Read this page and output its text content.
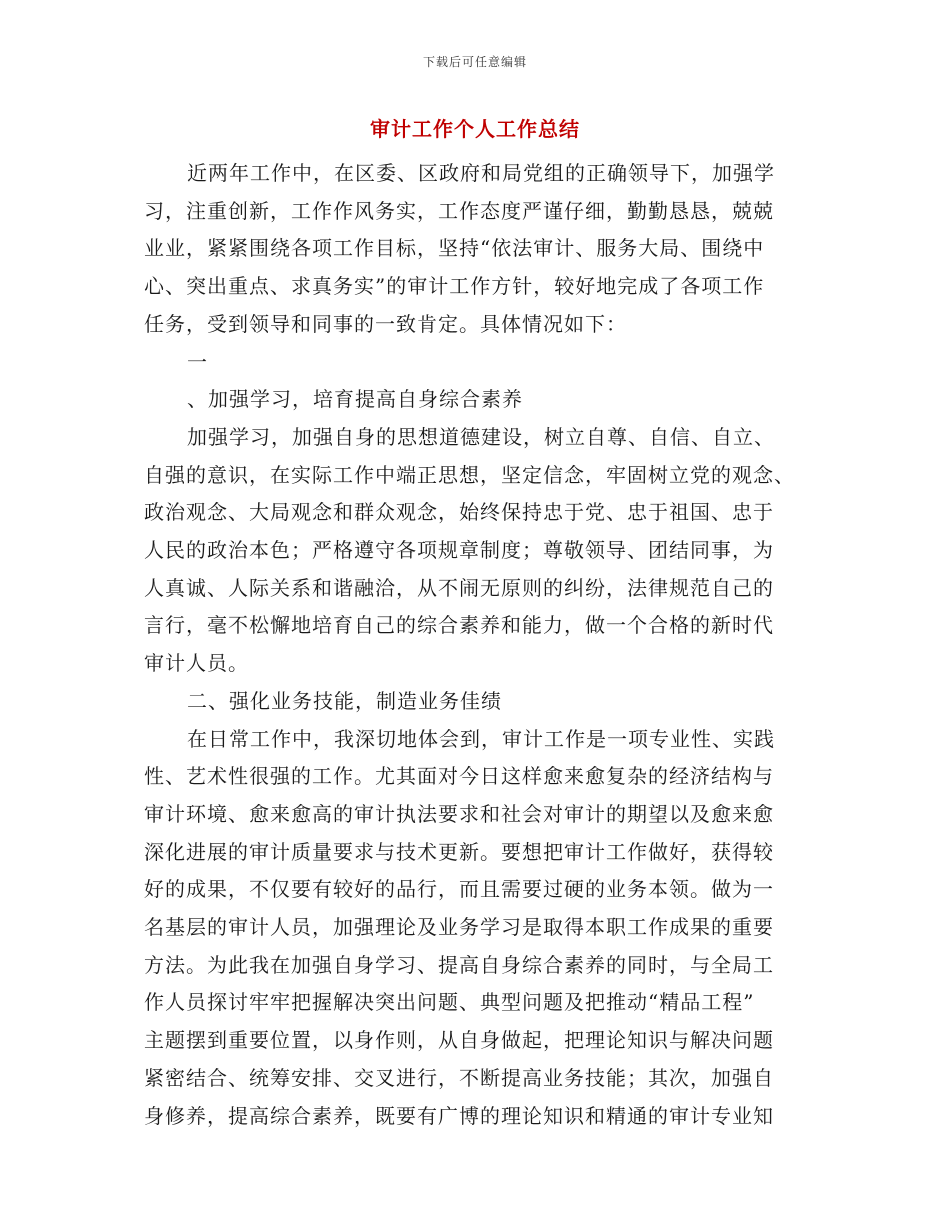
下载后可任意编辑
审计工作个人工作总结
近两年工作中，在区委、区政府和局党组的正确领导下，加强学
习，注重创新，工作作风务实，工作态度严谨仔细，勤勤恳恳，兢兢
业业，紧紧围绕各项工作目标，坚持“依法审计、服务大局、围绕中
心、突出重点、求真务实”的审计工作方针，较好地完成了各项工作
任务，受到领导和同事的一致肯定。具体情况如下：
一
、加强学习，培育提高自身综合素养
加强学习，加强自身的思想道德建设，树立自尊、自信、自立、
自强的意识，在实际工作中端正思想，坚定信念，牢固树立党的观念、
政治观念、大局观念和群众观念，始终保持忠于党、忠于祖国、忠于
人民的政治本色；严格遵守各项规章制度；尊敬领导、团结同事，为
人真诚、人际关系和谐融洽，从不闹无原则的纠纷，法律规范自己的
言行，毫不松懈地培育自己的综合素养和能力，做一个合格的新时代
审计人员。
二、强化业务技能，制造业务佳绩
在日常工作中，我深切地体会到，审计工作是一项专业性、实践
性、艺术性很强的工作。尤其面对今日这样愈来愈复杂的经济结构与
审计环境、愈来愈高的审计执法要求和社会对审计的期望以及愈来愈
深化进展的审计质量要求与技术更新。要想把审计工作做好，获得较
好的成果，不仅要有较好的品行，而且需要过硬的业务本领。做为一
名基层的审计人员，加强理论及业务学习是取得本职工作成果的重要
方法。为此我在加强自身学习、提高自身综合素养的同时，与全局工
作人员探讨牢牢把握解决突出问题、典型问题及把推动“精品工程”
主题摆到重要位置，以身作则，从自身做起，把理论知识与解决问题
紧密结合、统筹安排、交叉进行，不断提高业务技能；其次，加强自
身修养，提高综合素养，既要有广博的理论知识和精通的审计专业知
